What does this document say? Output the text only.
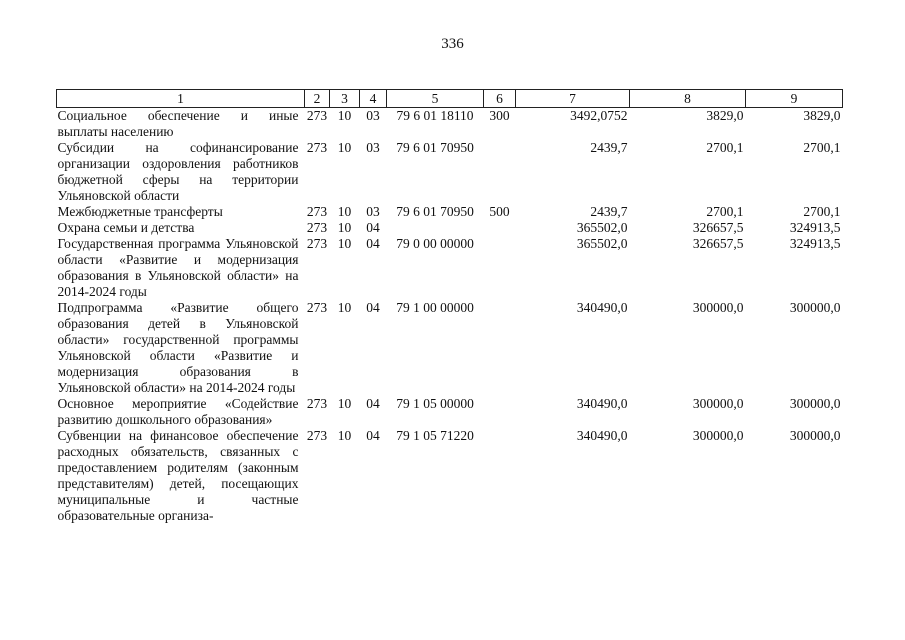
336
1	2	3	4	5	6	7	8	9
Социальное обеспечение и иные выплаты населению	273	10	03	79 6 01 18110	300	3492,0752	3829,0	3829,0
Субсидии на софинансирование организации оздоровления работников бюджетной сферы на территории Ульяновской области	273	10	03	79 6 01 70950		2439,7	2700,1	2700,1
Межбюджетные трансферты	273	10	03	79 6 01 70950	500	2439,7	2700,1	2700,1
Охрана семьи и детства	273	10	04			365502,0	326657,5	324913,5
Государственная программа Ульяновской области «Развитие и модернизация образования в Ульяновской области» на 2014-2024 годы	273	10	04	79 0 00 00000		365502,0	326657,5	324913,5
Подпрограмма «Развитие общего образования детей в Ульяновской области» государственной программы Ульяновской области «Развитие и модернизация образования в Ульяновской области» на 2014-2024 годы	273	10	04	79 1 00 00000		340490,0	300000,0	300000,0
Основное мероприятие «Содействие развитию дошкольного образования»	273	10	04	79 1 05 00000		340490,0	300000,0	300000,0
Субвенции на финансовое обеспечение расходных обязательств, связанных с предоставлением родителям (законным представителям) детей, посещающих муниципальные и частные образовательные организа-	273	10	04	79 1 05 71220		340490,0	300000,0	300000,0
